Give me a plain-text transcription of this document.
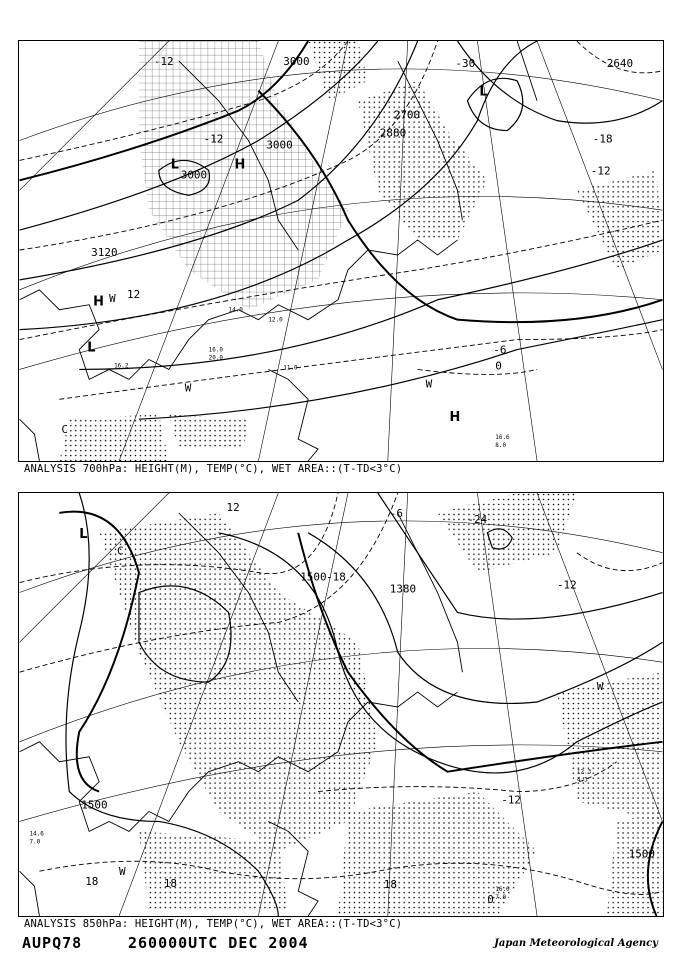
3000
3000
3000
2700
2880
3120
2640
-12
-12
-12
-30
-18
12
-6
0
L
L
L
H
H
H
W
W	W
C
16.0
20.0
11.0
16.2
14.0
12.0
16.6
8.0
ANALYSIS 700hPa: HEIGHT(M), TEMP(°C), WET AREA::(T-TD<3°C)
1500
1500
1500
1380
-18
-12
-12
-6	-24
18	18	18
12
0
L
C
W
W
14.6
7.0
12.3
4.3
16.0
7.0
ANALYSIS 850hPa: HEIGHT(M), TEMP(°C), WET AREA::(T-TD<3°C)
AUPQ78	260000UTC DEC 2004	Japan Meteorological Agency
